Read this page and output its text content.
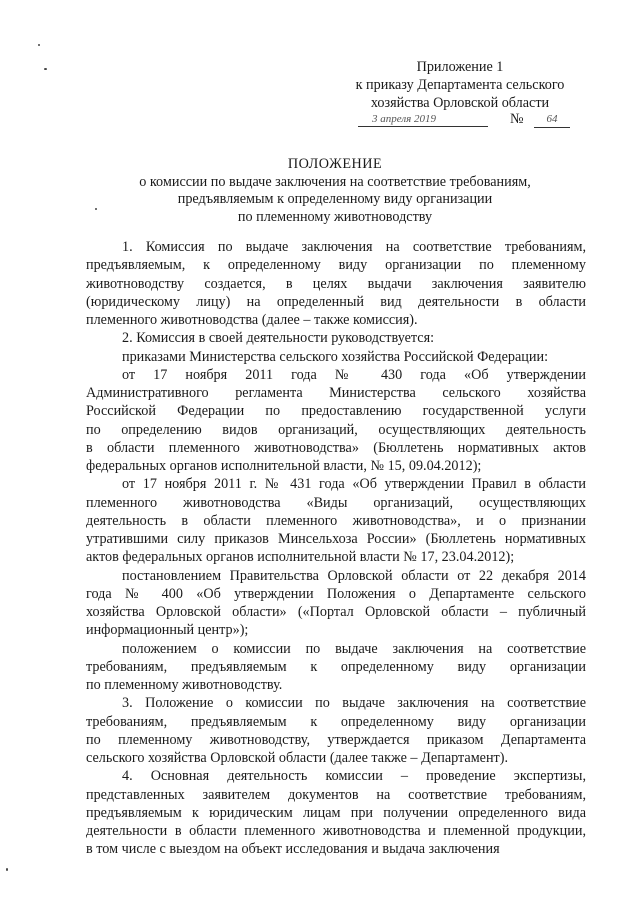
Приложение 1
к приказу Департамента сельского
хозяйства Орловской области
3 апреля 2019	№	64
ПОЛОЖЕНИЕ
о комиссии по выдаче заключения на соответствие требованиям,
предъявляемым к определенному виду организации
по племенному животноводству

1. Комиссия по выдаче заключения на соответствие требованиям,

предъявляемым, к определенному виду организации по племенному

животноводству создается, в целях выдачи заключения заявителю

(юридическому лицу) на определенный вид деятельности в области

племенного животноводства (далее – также комиссия).

2. Комиссия в своей деятельности руководствуется:

приказами Министерства сельского хозяйства Российской Федерации:

от 17 ноября 2011 года № 430 года «Об утверждении

Административного регламента Министерства сельского хозяйства

Российской Федерации по предоставлению государственной услуги

по определению видов организаций, осуществляющих деятельность

в области племенного животноводства» (Бюллетень нормативных актов

федеральных органов исполнительной власти, № 15, 09.04.2012);

от 17 ноября 2011 г. № 431 года «Об утверждении Правил в области

племенного животноводства «Виды организаций, осуществляющих

деятельность в области племенного животноводства», и о признании

утратившими силу приказов Минсельхоза России» (Бюллетень нормативных

актов федеральных органов исполнительной власти № 17, 23.04.2012);

постановлением Правительства Орловской области от 22 декабря 2014

года № 400 «Об утверждении Положения о Департаменте сельского

хозяйства Орловской области» («Портал Орловской области – публичный

информационный центр»);

положением о комиссии по выдаче заключения на соответствие

требованиям, предъявляемым к определенному виду организации

по племенному животноводству.

3. Положение о комиссии по выдаче заключения на соответствие

требованиям, предъявляемым к определенному виду организации

по племенному животноводству, утверждается приказом Департамента

сельского хозяйства Орловской области (далее также – Департамент).

4. Основная деятельность комиссии – проведение экспертизы,

представленных заявителем документов на соответствие требованиям,

предъявляемым к юридическим лицам при получении определенного вида

деятельности в области племенного животноводства и племенной продукции,

в том числе с выездом на объект исследования и выдача заключения
